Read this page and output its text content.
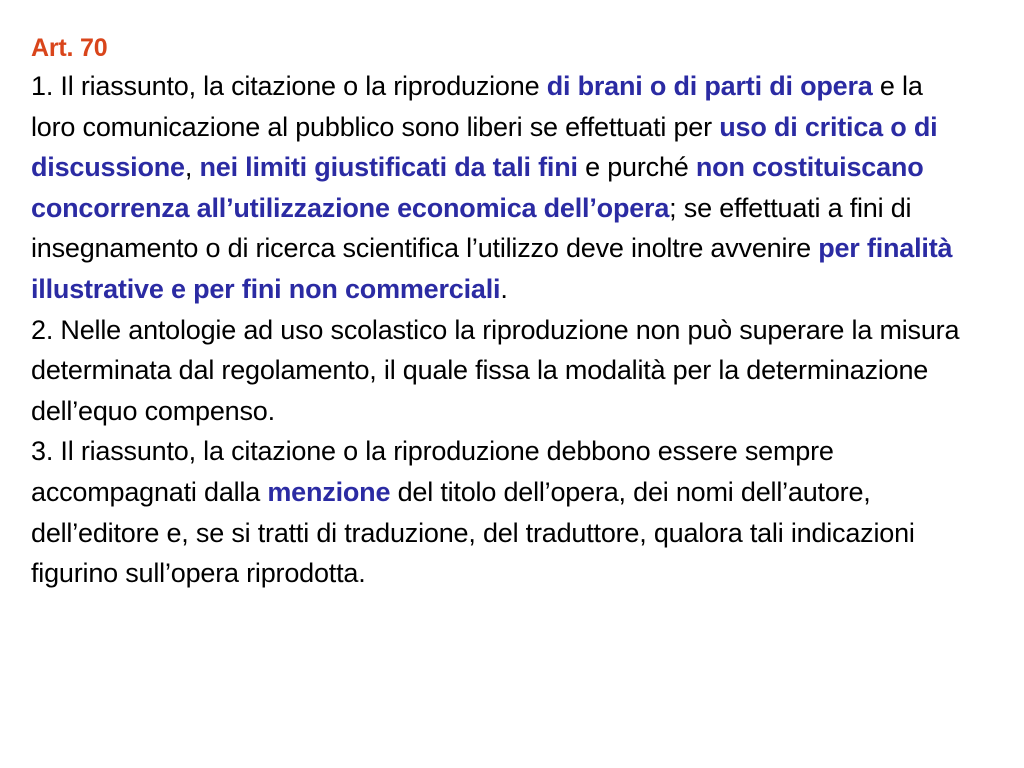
Art. 70

1. Il riassunto, la citazione o la riproduzione di brani o di parti di opera e la loro comunicazione al pubblico sono liberi se effettuati per uso di critica o di discussione, nei limiti giustificati da tali fini e purché non costituiscano concorrenza all’utilizzazione economica dell’opera; se effettuati a fini di insegnamento o di ricerca scientifica l’utilizzo deve inoltre avvenire per finalità illustrative e per fini non commerciali.

2. Nelle antologie ad uso scolastico la riproduzione non può superare la misura determinata dal regolamento, il quale fissa la modalità per la determinazione dell’equo compenso.

3. Il riassunto, la citazione o la riproduzione debbono essere sempre accompagnati dalla menzione del titolo dell’opera, dei nomi dell’autore, dell’editore e, se si tratti di traduzione, del traduttore, qualora tali indicazioni figurino sull’opera riprodotta.
